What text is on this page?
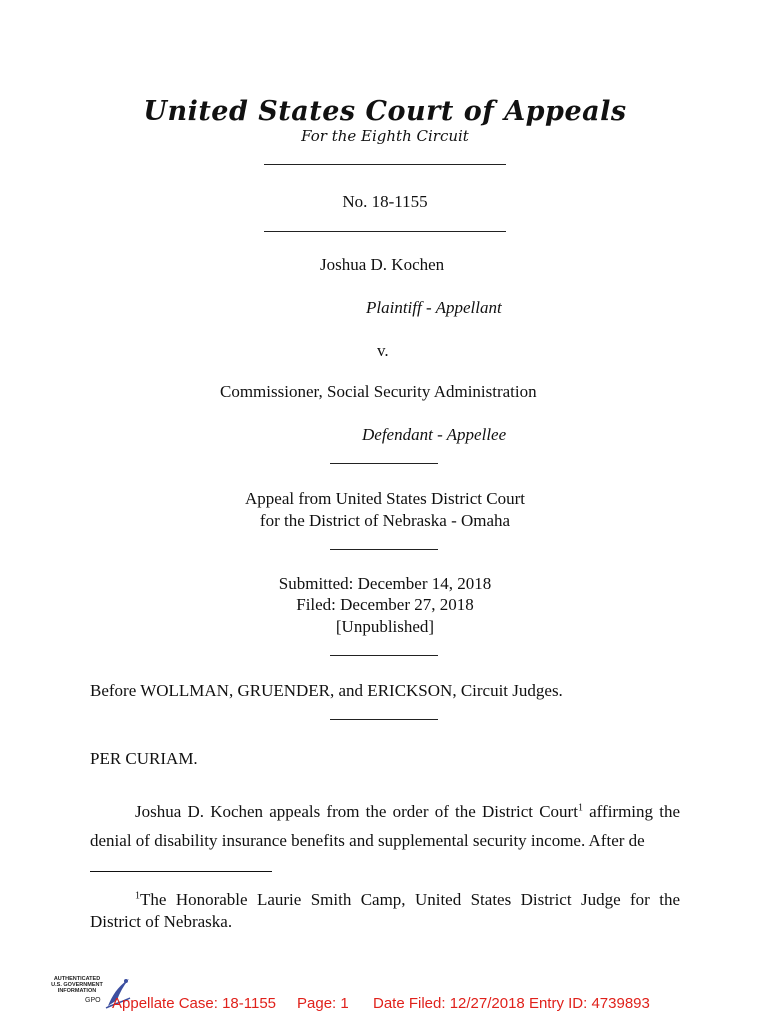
United States Court of Appeals
For the Eighth Circuit
No. 18-1155
Joshua D. Kochen
Plaintiff - Appellant
v.
Commissioner, Social Security Administration
Defendant - Appellee
Appeal from United States District Court
for the District of Nebraska - Omaha
Submitted: December 14, 2018
Filed: December 27, 2018
[Unpublished]
Before WOLLMAN, GRUENDER, and ERICKSON, Circuit Judges.
PER CURIAM.
Joshua D. Kochen appeals from the order of the District Court$^1$ affirming the
denial of disability insurance benefits and supplemental security income. After de
$^1$The Honorable Laurie Smith Camp, United States District Judge for the
District of Nebraska.
AUTHENTICATED
U.S. GOVERNMENT
INFORMATION
GPO Appellate Case: 18-1155 Page: 1 Date Filed: 12/27/2018 Entry ID: 4739893
